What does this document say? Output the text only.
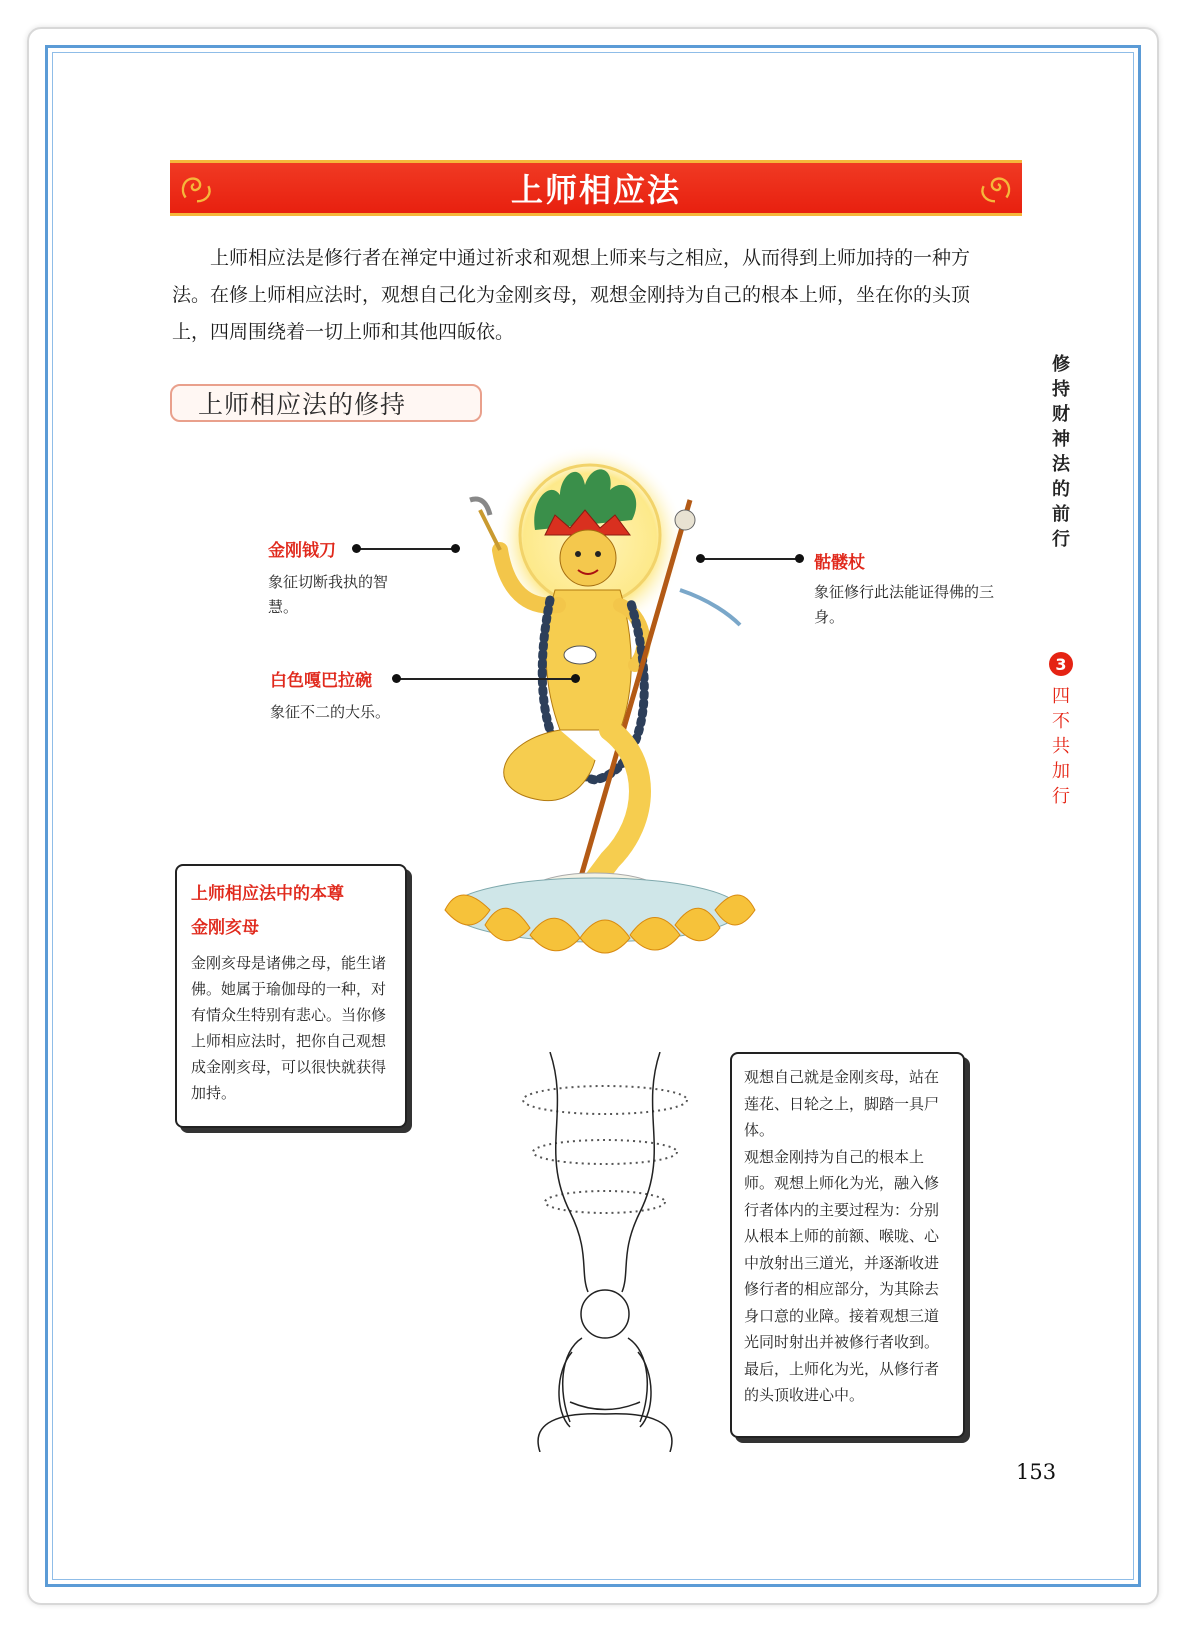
上师相应法

上师相应法是修行者在禅定中通过祈求和观想上师来与之相应，从而得到上师加持的一种方法。在修上师相应法时，观想自己化为金刚亥母，观想金刚持为自己的根本上师，坐在你的头顶上，四周围绕着一切上师和其他四皈依。

上师相应法的修持
修持财神法的前行
3
四不共加行
金刚钺刀

象征切断我执的智慧。

骷髅杖

象征修行此法能证得佛的三身。

白色嘎巴拉碗

象征不二的大乐。

上师相应法中的本尊

金刚亥母

金刚亥母是诸佛之母，能生诸佛。她属于瑜伽母的一种，对有情众生特别有悲心。当你修上师相应法时，把你自己观想成金刚亥母，可以很快就获得加持。

观想自己就是金刚亥母，站在莲花、日轮之上，脚踏一具尸体。

观想金刚持为自己的根本上师。观想上师化为光，融入修行者体内的主要过程为：分别从根本上师的前额、喉咙、心中放射出三道光，并逐渐收进修行者的相应部分，为其除去身口意的业障。接着观想三道光同时射出并被修行者收到。最后，上师化为光，从修行者的头顶收进心中。

153
